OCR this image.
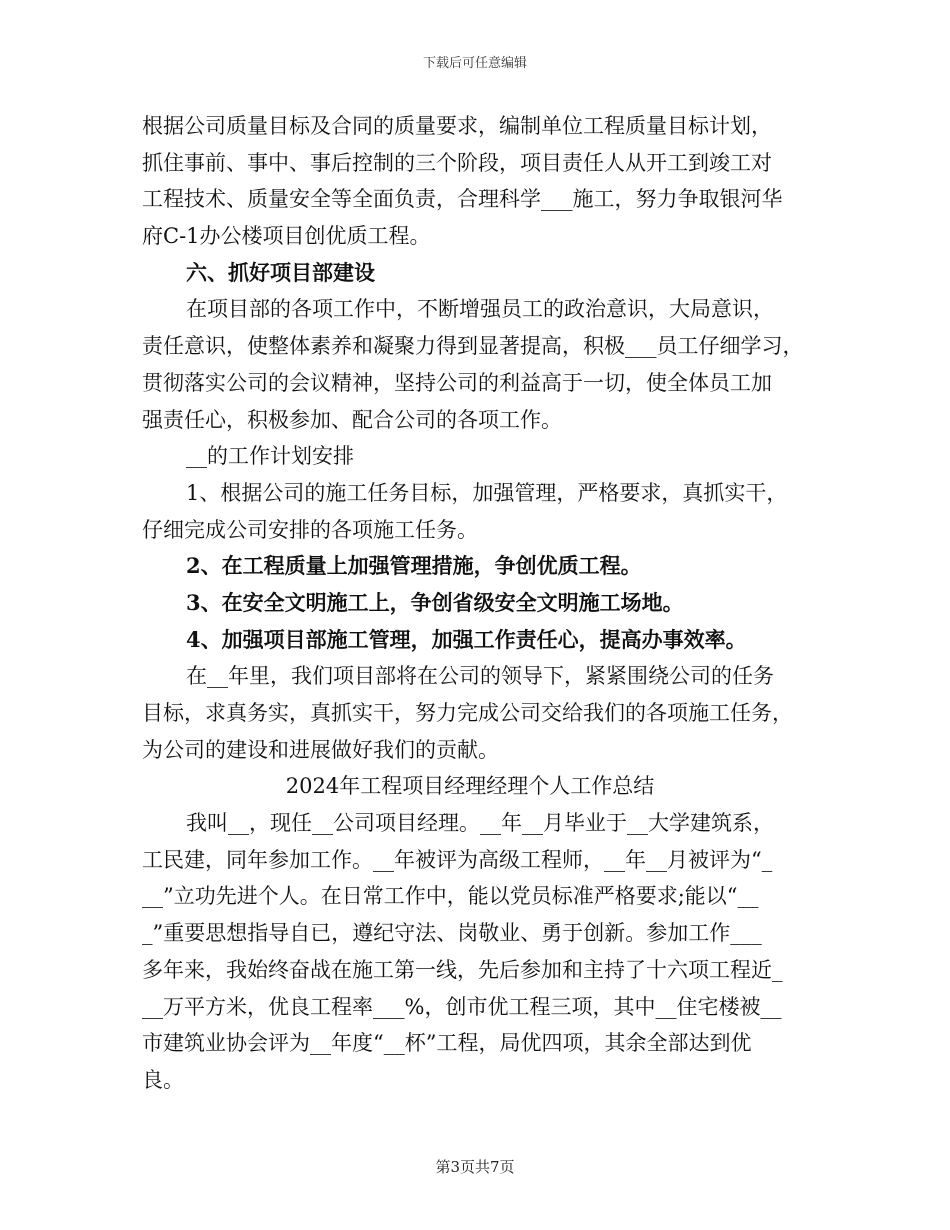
下载后可任意编辑
根据公司质量目标及合同的质量要求，编制单位工程质量目标计划，
抓住事前、事中、事后控制的三个阶段，项目责任人从开工到竣工对
工程技术、质量安全等全面负责，合理科学___施工，努力争取银河华
府C-1办公楼项目创优质工程。
六、抓好项目部建设
在项目部的各项工作中，不断增强员工的政治意识，大局意识，
责任意识，使整体素养和凝聚力得到显著提高，积极___员工仔细学习，
贯彻落实公司的会议精神，坚持公司的利益高于一切，使全体员工加
强责任心，积极参加、配合公司的各项工作。
__的工作计划安排
1、根据公司的施工任务目标，加强管理，严格要求，真抓实干，
仔细完成公司安排的各项施工任务。
2、在工程质量上加强管理措施，争创优质工程。
3、在安全文明施工上，争创省级安全文明施工场地。
4、加强项目部施工管理，加强工作责任心，提高办事效率。
在__年里，我们项目部将在公司的领导下，紧紧围绕公司的任务
目标，求真务实，真抓实干，努力完成公司交给我们的各项施工任务，
为公司的建设和进展做好我们的贡献。
2024年工程项目经理经理个人工作总结
我叫__，现任__公司项目经理。__年__月毕业于__大学建筑系，
工民建，同年参加工作。__年被评为高级工程师，__年__月被评为“_
__”立功先进个人。在日常工作中，能以党员标准严格要求;能以“__
_”重要思想指导自已，遵纪守法、岗敬业、勇于创新。参加工作___
多年来，我始终奋战在施工第一线，先后参加和主持了十六项工程近_
__万平方米，优良工程率___%，创市优工程三项，其中__住宅楼被__
市建筑业协会评为__年度“__杯”工程，局优四项，其余全部达到优
良。
第3页共7页
